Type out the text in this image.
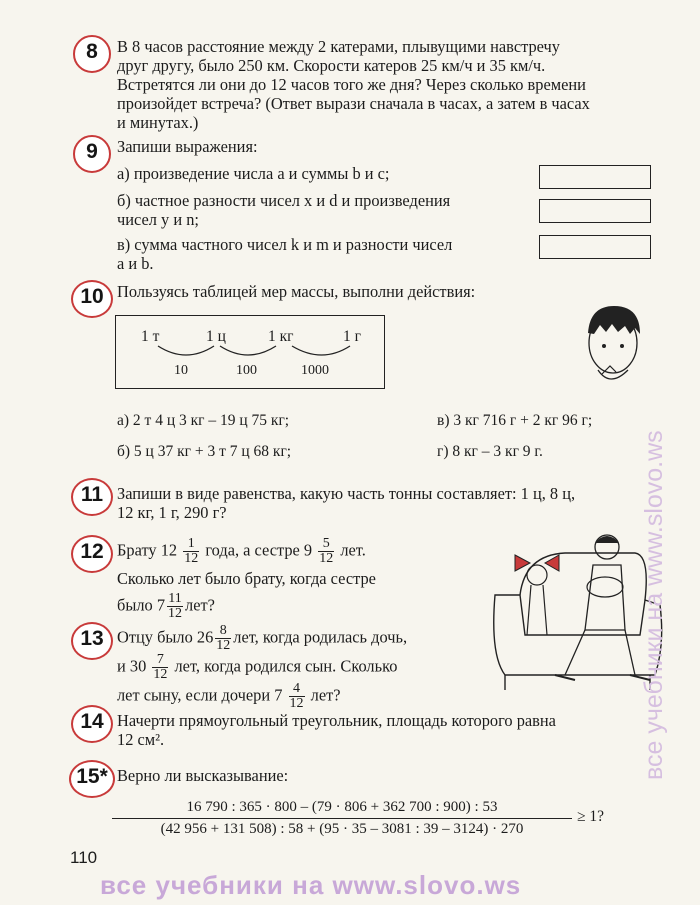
8	В 8 часов расстояние между 2 катерами, плывущими навстречу
друг другу, было 250 км. Скорости катеров 25 км/ч и 35 км/ч.
Встретятся ли они до 12 часов того же дня? Через сколько времени
произойдет встреча? (Ответ вырази сначала в часах, а затем в часах
и минутах.)
9	Запиши выражения:
а) произведение числа a и суммы b и c;
б) частное разности чисел x и d и произведения
чисел y и n;
в) сумма частного чисел k и m и разности чисел
a и b.
10 Пользуясь таблицей мер массы, выполни действия:
1 т	1 ц	1 кг	1 г
10	100	1000
а) 2 т 4 ц 3 кг – 19 ц 75 кг;	в) 3 кг 716 г + 2 кг 96 г;
б) 5 ц 37 кг + 3 т 7 ц 68 кг;	г) 8 кг – 3 кг 9 г.
11 Запиши в виде равенства, какую часть тонны составляет: 1 ц, 8 ц,
12 кг, 1 г, 290 г?
12 Брату $12 \frac{1}{12}$ года, а сестре $9 \frac{5}{12}$ лет.
Сколько лет было брату, когда сестре
было $7 \frac{11}{12}$ лет?
13 Отцу было $26 \frac{8}{12}$ лет, когда родилась дочь,
и $30 \frac{7}{12}$ лет, когда родился сын. Сколько
лет сыну, если дочери $7 \frac{4}{12}$ лет?
14 Начерти прямоугольный треугольник, площадь которого равна
12 см².
15* Верно ли высказывание:
$\frac{16 790 : 365 \cdot 800 - (79 \cdot 806 + 362 700 : 900) : 53}{(42 956 + 131 508) : 58 + (95 \cdot 35 - 3081 : 39 - 3124) \cdot 270} \ge 1$?
110
все учебники на www.slovo.ws
все учебники на www.slovo.ws
